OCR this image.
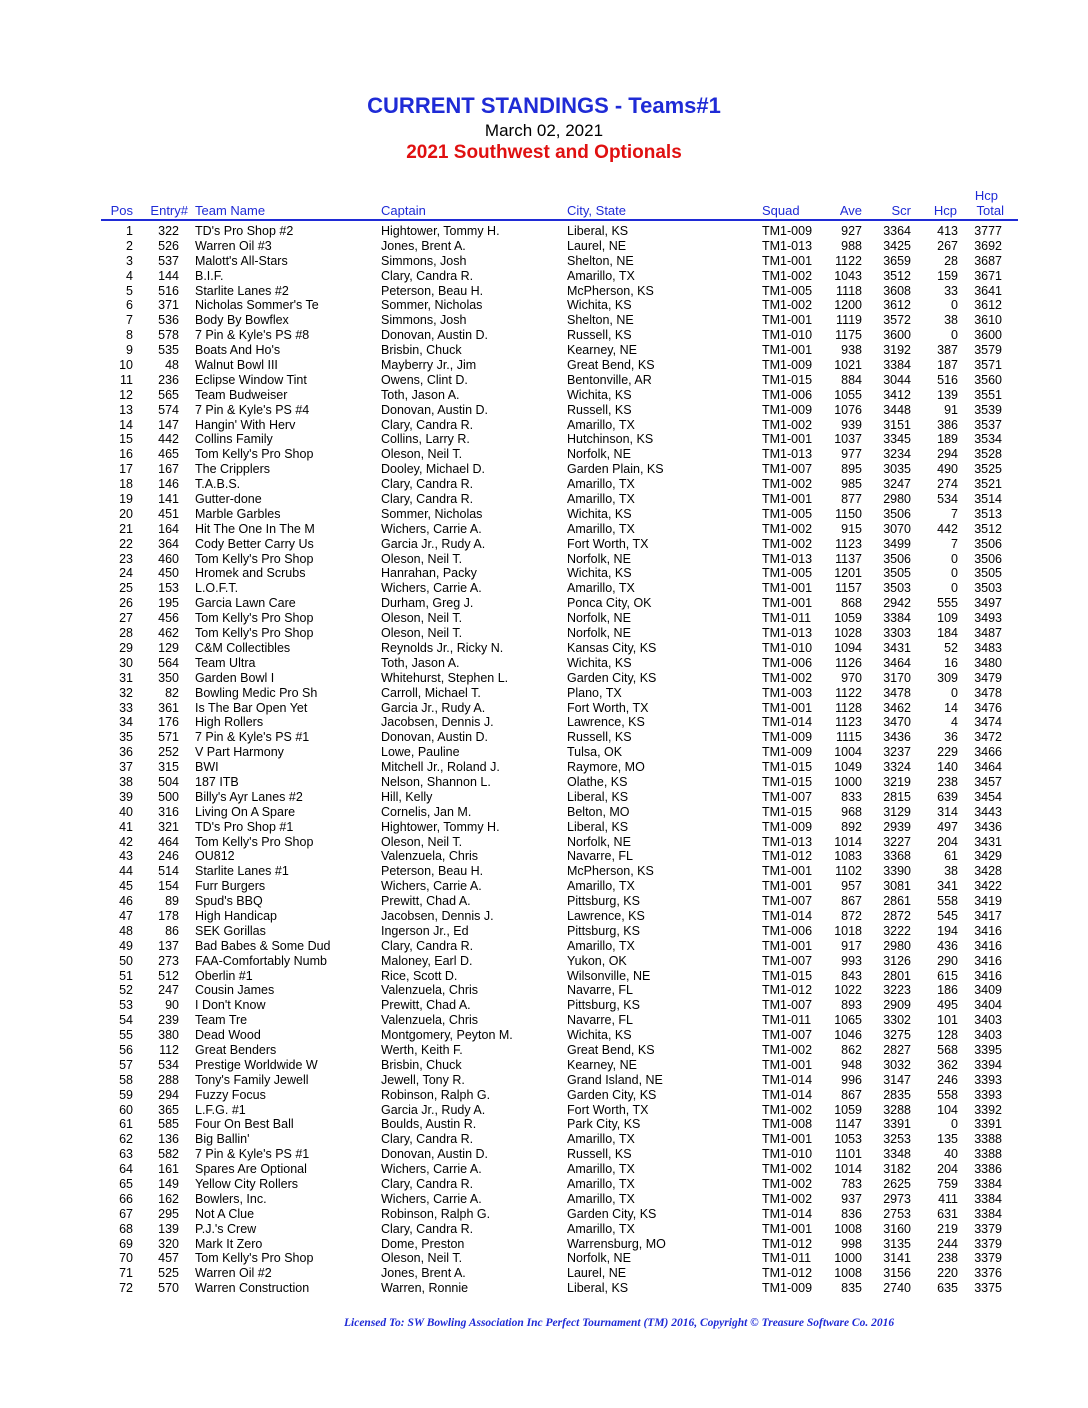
CURRENT STANDINGS - Teams#1
March 02, 2021
2021 Southwest and Optionals
Pos Entry# Team Name	Captain	City, State	Squad	Ave Scr Hcp
Hcp
Total
1 322 TD's Pro Shop #2	Hightower, Tommy H.	Liberal, KS	TM1-009 927 3364 413 3777
2 526 Warren Oil #3	Jones, Brent A.	Laurel, NE	TM1-013 988 3425 267 3692
3 537 Malott's All-Stars	Simmons, Josh	Shelton, NE	TM1-001 1122 3659	28 3687
4 144 B.I.F.	Clary, Candra R.	Amarillo, TX	TM1-002 1043 3512 159 3671
5 516 Starlite Lanes #2	Peterson, Beau H.	McPherson, KS	TM1-005 1118 3608	33 3641
6 371 Nicholas Sommer's Te	Sommer, Nicholas	Wichita, KS	TM1-002 1200 3612	0 3612
7 536 Body By Bowflex	Simmons, Josh	Shelton, NE	TM1-001 1119 3572	38 3610
8 578 7 Pin & Kyle's PS #8	Donovan, Austin D.	Russell, KS	TM1-010 1175 3600	0 3600
9 535 Boats And Ho's	Brisbin, Chuck	Kearney, NE	TM1-001 938 3192 387 3579
10	48 Walnut Bowl III	Mayberry Jr., Jim	Great Bend, KS	TM1-009 1021 3384 187 3571
11 236 Eclipse Window Tint	Owens, Clint D.	Bentonville, AR	TM1-015 884 3044 516 3560
12 565 Team Budweiser	Toth, Jason A.	Wichita, KS	TM1-006 1055 3412 139 3551
13 574 7 Pin & Kyle's PS #4	Donovan, Austin D.	Russell, KS	TM1-009 1076 3448	91 3539
14 147 Hangin' With Herv	Clary, Candra R.	Amarillo, TX	TM1-002 939 3151 386 3537
15 442 Collins Family	Collins, Larry R.	Hutchinson, KS	TM1-001 1037 3345 189 3534
16 465 Tom Kelly's Pro Shop	Oleson, Neil T.	Norfolk, NE	TM1-013 977 3234 294 3528
17 167 The Cripplers	Dooley, Michael D.	Garden Plain, KS	TM1-007 895 3035 490 3525
18 146 T.A.B.S.	Clary, Candra R.	Amarillo, TX	TM1-002 985 3247 274 3521
19 141 Gutter-done	Clary, Candra R.	Amarillo, TX	TM1-001 877 2980 534 3514
20 451 Marble Garbles	Sommer, Nicholas	Wichita, KS	TM1-005 1150 3506	7 3513
21 164 Hit The One In The M	Wichers, Carrie A.	Amarillo, TX	TM1-002 915 3070 442 3512
22 364 Cody Better Carry Us	Garcia Jr., Rudy A.	Fort Worth, TX	TM1-002 1123 3499	7 3506
23 460 Tom Kelly's Pro Shop	Oleson, Neil T.	Norfolk, NE	TM1-013 1137 3506	0 3506
24 450 Hromek and Scrubs	Hanrahan, Packy	Wichita, KS	TM1-005 1201 3505	0 3505
25 153 L.O.F.T.	Wichers, Carrie A.	Amarillo, TX	TM1-001 1157 3503	0 3503
26 195 Garcia Lawn Care	Durham, Greg J.	Ponca City, OK	TM1-001 868 2942 555 3497
27 456 Tom Kelly's Pro Shop	Oleson, Neil T.	Norfolk, NE	TM1-011 1059 3384 109 3493
28 462 Tom Kelly's Pro Shop	Oleson, Neil T.	Norfolk, NE	TM1-013 1028 3303 184 3487
29 129 C&M Collectibles	Reynolds Jr., Ricky N.	Kansas City, KS	TM1-010 1094 3431	52 3483
30 564 Team Ultra	Toth, Jason A.	Wichita, KS	TM1-006 1126 3464	16 3480
31 350 Garden Bowl I	Whitehurst, Stephen L.	Garden City, KS	TM1-002 970 3170 309 3479
32	82 Bowling Medic Pro Sh	Carroll, Michael T.	Plano, TX	TM1-003 1122 3478	0 3478
33 361 Is The Bar Open Yet	Garcia Jr., Rudy A.	Fort Worth, TX	TM1-001 1128 3462	14 3476
34 176 High Rollers	Jacobsen, Dennis J.	Lawrence, KS	TM1-014 1123 3470	4 3474
35 571 7 Pin & Kyle's PS #1	Donovan, Austin D.	Russell, KS	TM1-009 1115 3436	36 3472
36 252 V Part Harmony	Lowe, Pauline	Tulsa, OK	TM1-009 1004 3237 229 3466
37 315 BWI	Mitchell Jr., Roland J.	Raymore, MO	TM1-015 1049 3324 140 3464
38 504 187 ITB	Nelson, Shannon L.	Olathe, KS	TM1-015 1000 3219 238 3457
39 500 Billy's Ayr Lanes #2	Hill, Kelly	Liberal, KS	TM1-007 833 2815 639 3454
40 316 Living On A Spare	Cornelis, Jan M.	Belton, MO	TM1-015 968 3129 314 3443
41 321 TD's Pro Shop #1	Hightower, Tommy H.	Liberal, KS	TM1-009 892 2939 497 3436
42 464 Tom Kelly's Pro Shop	Oleson, Neil T.	Norfolk, NE	TM1-013 1014 3227 204 3431
43 246 OU812	Valenzuela, Chris	Navarre, FL	TM1-012 1083 3368	61 3429
44 514 Starlite Lanes #1	Peterson, Beau H.	McPherson, KS	TM1-001 1102 3390	38 3428
45 154 Furr Burgers	Wichers, Carrie A.	Amarillo, TX	TM1-001 957 3081 341 3422
46	89 Spud's BBQ	Prewitt, Chad A.	Pittsburg, KS	TM1-007 867 2861 558 3419
47 178 High Handicap	Jacobsen, Dennis J.	Lawrence, KS	TM1-014 872 2872 545 3417
48	86 SEK Gorillas	Ingerson Jr., Ed	Pittsburg, KS	TM1-006 1018 3222 194 3416
49 137 Bad Babes & Some Dud	Clary, Candra R.	Amarillo, TX	TM1-001 917 2980 436 3416
50 273 FAA-Comfortably Numb	Maloney, Earl D.	Yukon, OK	TM1-007 993 3126 290 3416
51 512 Oberlin #1	Rice, Scott D.	Wilsonville, NE	TM1-015 843 2801 615 3416
52 247 Cousin James	Valenzuela, Chris	Navarre, FL	TM1-012 1022 3223 186 3409
53	90 I Don't Know	Prewitt, Chad A.	Pittsburg, KS	TM1-007 893 2909 495 3404
54 239 Team Tre	Valenzuela, Chris	Navarre, FL	TM1-011 1065 3302 101 3403
55 380 Dead Wood	Montgomery, Peyton M.	Wichita, KS	TM1-007 1046 3275 128 3403
56 112 Great Benders	Werth, Keith F.	Great Bend, KS	TM1-002 862 2827 568 3395
57 534 Prestige Worldwide W	Brisbin, Chuck	Kearney, NE	TM1-001 948 3032 362 3394
58 288 Tony's Family Jewell	Jewell, Tony R.	Grand Island, NE	TM1-014 996 3147 246 3393
59 294 Fuzzy Focus	Robinson, Ralph G.	Garden City, KS	TM1-014 867 2835 558 3393
60 365 L.F.G. #1	Garcia Jr., Rudy A.	Fort Worth, TX	TM1-002 1059 3288 104 3392
61 585 Four On Best Ball	Boulds, Austin R.	Park City, KS	TM1-008 1147 3391	0 3391
62 136 Big Ballin'	Clary, Candra R.	Amarillo, TX	TM1-001 1053 3253 135 3388
63 582 7 Pin & Kyle's PS #1	Donovan, Austin D.	Russell, KS	TM1-010 1101 3348	40 3388
64 161 Spares Are Optional	Wichers, Carrie A.	Amarillo, TX	TM1-002 1014 3182 204 3386
65 149 Yellow City Rollers	Clary, Candra R.	Amarillo, TX	TM1-002 783 2625 759 3384
66 162 Bowlers, Inc.	Wichers, Carrie A.	Amarillo, TX	TM1-002 937 2973 411 3384
67 295 Not A Clue	Robinson, Ralph G.	Garden City, KS	TM1-014 836 2753 631 3384
68 139 P.J.'s Crew	Clary, Candra R.	Amarillo, TX	TM1-001 1008 3160 219 3379
69 320 Mark It Zero	Dome, Preston	Warrensburg, MO	TM1-012 998 3135 244 3379
70 457 Tom Kelly's Pro Shop	Oleson, Neil T.	Norfolk, NE	TM1-011 1000 3141 238 3379
71 525 Warren Oil #2	Jones, Brent A.	Laurel, NE	TM1-012 1008 3156 220 3376
72 570 Warren Construction	Warren, Ronnie	Liberal, KS	TM1-009 835 2740 635 3375
Licensed To: SW Bowling Association Inc Perfect Tournament (TM) 2016, Copyright © Treasure Software Co. 2016
